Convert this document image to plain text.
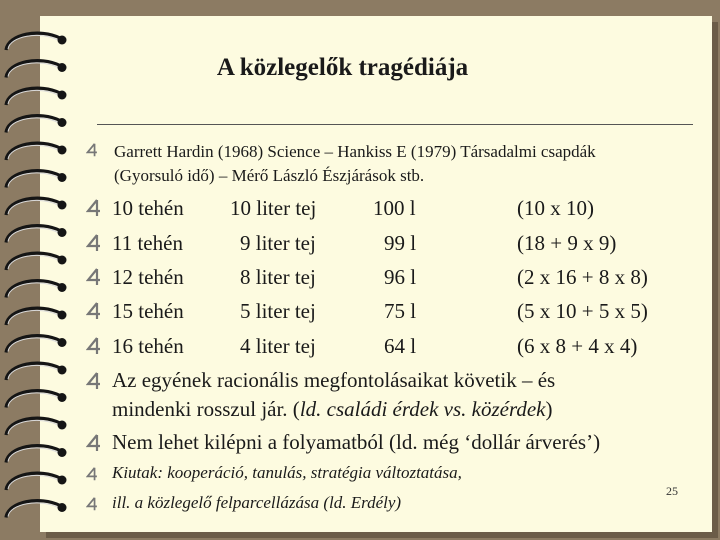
A közlegelők tragédiája
Garrett Hardin (1968) Science – Hankiss E (1979) Társadalmi csapdák
(Gyorsuló idő) – Mérő László Észjárások stb.
10 tehén 10 liter tej	100 l	(10 x 10)
11 tehén	9 liter tej	99 l	(18 + 9 x 9)
12 tehén	8 liter tej	96 l	(2 x 16 + 8 x 8)
15 tehén	5 liter tej	75 l	(5 x 10 + 5 x 5)
16 tehén	4 liter tej	64 l	(6 x 8 + 4 x 4)
Az egyének racionális megfontolásaikat követik – és
mindenki rosszul jár. (ld. családi érdek vs. közérdek)
Nem lehet kilépni a folyamatból (ld. még ‘dollár árverés’)
Kiutak: kooperáció, tanulás, stratégia változtatása,
ill. a közlegelő felparcellázása (ld. Erdély)
25
